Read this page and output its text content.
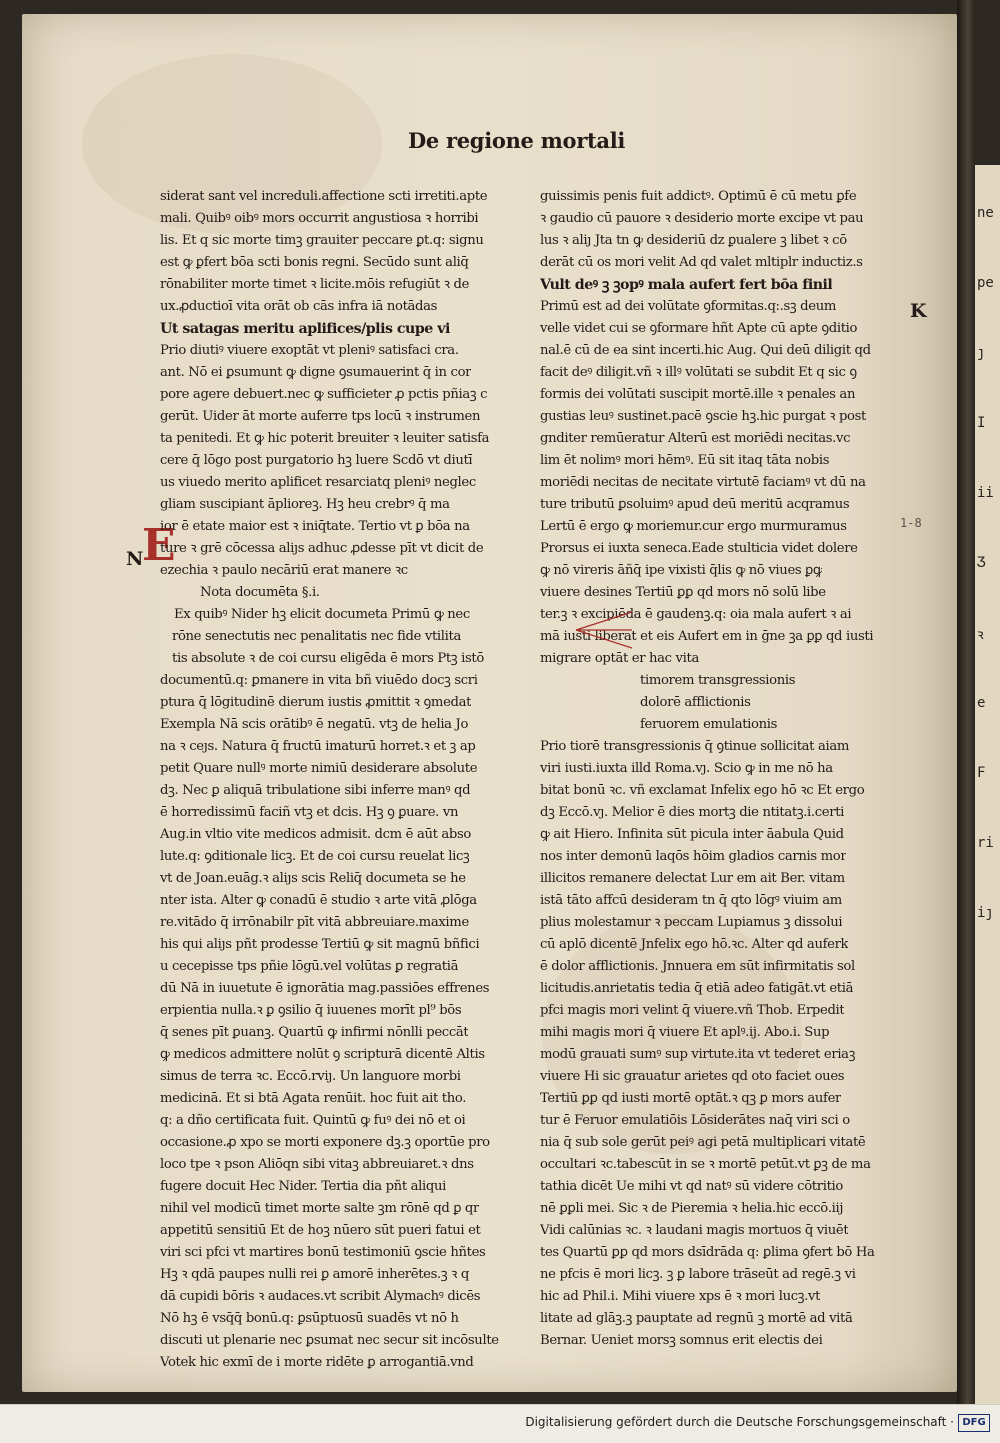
ne
pe
ȷ
I
ii
Ʒ
ꝛ
e
F
ri
iȷ
De regione mortali
E
siderat sant vel increduli.affectione scti irretiti.apte
mali. Quibꝰ oibꝰ mors occurrit angustiosa ꝛ horribi
lis. Et q sic morte timꝫ grauiter peccare ꝑt.q: signu
est ꝙ ꝑfert bōa scti bonis regni. Secūdo sunt aliq̄
rōnabiliter morte timet ꝛ licite.mōis refugiūt ꝛ de
ux.ꝓductioī vita orāt ob cās infra iā notādas
Ut satagas meritu aplifices/plis cupe vi
Prio diutiꝰ viuere exoptāt vt pleniꝰ satisfaci cra.
ant. Nō ei ꝑsumunt ꝙ digne ꝯsumauerint q̄ in cor
pore agere debuert.nec ꝙ sufficieter ꝓ pctis pñiaꝫ c
gerūt. Uider āt morte auferre tps locū ꝛ instrumen
ta penitedi. Et ꝙ hic poterit breuiter ꝛ leuiter satisfa
cere q̄ lōgo post purgatorio hꝫ luere Scdō vt diutī
us viuedo merito aplificet resarciatq pleniꝰ neglec
gliam suscipiant āplioreꝫ. Hꝫ heu crebrꝰ q̄ ma
ior ē etate maior est ꝛ iniq̄tate. Tertio vt ꝑ bōa na
ture ꝛ grē cōcessa aliȷs adhuc ꝓdesse pīt vt dicit de
ezechia ꝛ paulo necāriū erat manere ꝛc
Nota documēta §.i.
Ex quibꝰ Nider hꝫ elicit documeta Primū ꝙ nec
rōne senectutis nec penalitatis nec fide vtilita
tis absolute ꝛ de coi cursu eligēda ē mors Ptꝫ istō
documentū.q: ꝑmanere in vita bñ viuēdo docꝫ scri
ptura q̄ lōgitudinē dierum iustis ꝓmittit ꝛ ꝯmedat
Exempla Nā scis orātibꝰ ē negatū. vtꝫ de helia Jo
na ꝛ ceȷs. Natura q̄ fructū imaturū horret.ꝛ et ꝫ ap
petit Quare nullꝰ morte nimiū desiderare absolute
dꝫ. Nec ꝑ aliquā tribulatione sibi inferre manꝰ qd
ē horredissimū faciñ vtꝫ et dcis. Hꝫ ꝯ ꝑuare. vn
Aug.in vltio vite medicos admisit. dcm ē aūt abso
lute.q: ꝯditionale licꝫ. Et de coi cursu reuelat licꝫ
vt de Joan.euāg.ꝛ aliȷs scis Reliq̄ documeta se he
nter ista. Alter ꝙ conadū ē studio ꝛ arte vitā ꝓlōga
re.vitādo q̄ irrōnabilr pīt vitā abbreuiare.maxime
his qui aliȷs pñt prodesse Tertiū ꝙ sit magnū bñfici
u cecepisse tps pñie lōgū.vel volūtas ꝑ regratiā
dū Nā in iuuetute ē ignorātia mag.passiōes effrenes
erpientia nulla.ꝛ ꝑ ꝯsilio q̄ iuuenes morīt pl⁹ bōs
q̄ senes pīt ꝑuanꝫ. Quartū ꝙ infirmi nōnlli peccāt
ꝙ medicos admittere nolūt ꝯ scripturā dicentē Altis
simus de terra ꝛc. Eccō.rviȷ. Un languore morbi
medicinā. Et si btā Agata renūit. hoc fuit ait tho.
q: a dño certificata fuit. Quintū ꝙ fuꝰ dei nō et oi
occasione.ꝓ xpo se morti exponere dꝫ.ꝫ oportūe pro
loco tpe ꝛ pson Aliōqn sibi vitaꝫ abbreuiaret.ꝛ dns
fugere docuit Hec Nider. Tertia dia pñt aliqui
nihil vel modicū timet morte salte ꝫm rōnē qd ꝑ qr
appetitū sensitiū Et de hoꝫ nūero sūt pueri fatui et
viri sci pfci vt martires bonū testimoniū ꝯscie hñtes
Hꝫ ꝛ qdā paupes nulli rei ꝑ amorē inherētes.ꝫ ꝛ q
dā cupidi bōris ꝛ audaces.vt scribit Alymachꝰ dicēs
Nō hꝫ ē vsq̄q̄ bonū.q: ꝑsūptuosū suadēs vt nō h
discuti ut plenarie nec ꝑsumat nec secur sit incōsulte
Votek hic exmī de i morte ridēte ꝑ arrogantiā.vnd
guissimis penis fuit addictꝰ. Optimū ē cū metu ꝑfe
ꝛ gaudio cū pauore ꝛ desiderio morte excipe vt pau
lus ꝛ aliȷ Jta tn ꝙ desideriū dz ꝑualere ꝫ libet ꝛ cō
derāt cū os mori velit Ad qd valet mltiplr inductiz.s
Vult deꝰ ꝫ ꝫopꝰ mala aufert fert bōa finil
Primū est ad dei volūtate ꝯformitas.q:.sꝫ deum
velle videt cui se ꝯformare hñt Apte cū apte ꝯditio
nal.ē cū de ea sint incerti.hic Aug. Qui deū diligit qd
facit deꝰ diligit.vñ ꝛ illꝰ volūtati se subdit Et q sic ꝯ
formis dei volūtati suscipit mortē.ille ꝛ penales an
gustias leuꝰ sustinet.pacē ꝯscie hꝫ.hic purgat ꝛ post
gnditer remūeratur Alterū est moriēdi necitas.vc
lim ēt nolimꝰ mori hēmꝰ. Eū sit itaq tāta nobis
moriēdi necitas de necitate virtutē faciamꝰ vt dū na
ture tributū ꝑsoluimꝰ apud deū meritū acqramus
Lertū ē ergo ꝙ moriemur.cur ergo murmuramus
Prorsus ei iuxta seneca.Eade stulticia videt dolere
ꝙ nō vireris āñq̄ ipe vixisti q̄lis ꝙ nō viues ꝑꝙ
viuere desines Tertiū ꝑꝑ qd mors nō solū libe
ter.ꝫ ꝛ excipiēda ē gaudenꝫ.q: oia mala aufert ꝛ ai
mā iusti liberat et eis Aufert em in ḡne ꝫa ꝑꝑ qd iusti
migrare optāt er hac vita
timorem transgressionis
dolorē afflictionis
feruorem emulationis
Prio tiorē transgressionis q̄ ꝯtinue sollicitat aiam
viri iusti.iuxta illd Roma.vȷ. Scio ꝙ in me nō ha
bitat bonū ꝛc. vñ exclamat Infelix ego hō ꝛc Et ergo
dꝫ Eccō.vȷ. Melior ē dies mortꝫ die ntitatꝫ.i.certi
ꝙ ait Hiero. Infinita sūt picula inter āabula Quid
nos inter demonū laqōs hōim gladios carnis mor
illicitos remanere delectat Lur em ait Ber. vitam
istā tāto affcū desideram tn q̄ qto lōgꝰ viuim am
plius molestamur ꝛ peccam Lupiamus ꝫ dissolui
cū aplō dicentē Jnfelix ego hō.ꝛc. Alter qd auferk
ē dolor afflictionis. Jnnuera em sūt infirmitatis sol
licitudis.anrietatis tedia q̄ etiā adeo fatigāt.vt etiā
pfci magis mori velint q̄ viuere.vñ Thob. Erpedit
mihi magis mori q̄ viuere Et aplꝰ.ij. Abo.i. Sup
modū grauati sumꝰ sup virtute.ita vt tederet eriaꝫ
viuere Hi sic grauatur arietes qd oto faciet oues
Tertiū ꝑꝑ qd iusti mortē optāt.ꝛ qꝫ ꝑ mors aufer
tur ē Feruor emulatiōis Lōsiderātes naq̄ viri sci o
nia q̄ sub sole gerūt peiꝰ agi petā multiplicari vitatē
occultari ꝛc.tabescūt in se ꝛ mortē petūt.vt ꝑꝫ de ma
tathia dicēt Ue mihi vt qd natꝰ sū videre cōtritio
nē ꝑꝑli mei. Sic ꝛ de Pieremia ꝛ helia.hic eccō.iij
Vidi calūnias ꝛc. ꝛ laudani magis mortuos q̄ viuēt
tes Quartū ꝑꝑ qd mors dsīdrāda q: ꝑlima ꝯfert bō Ha
ne pfcis ē mori licꝫ. ꝫ ꝑ labore trāseūt ad regē.ꝫ vi
hic ad Phil.i. Mihi viuere xps ē ꝛ mori lucꝫ.vt
litate ad glāꝫ.ꝫ pauptate ad regnū ꝫ mortē ad vitā
Bernar. Ueniet morsꝫ somnus erit electis dei
N
K
1-8
Digitalisierung gefördert durch die Deutsche Forschungsgemeinschaft · DFG
